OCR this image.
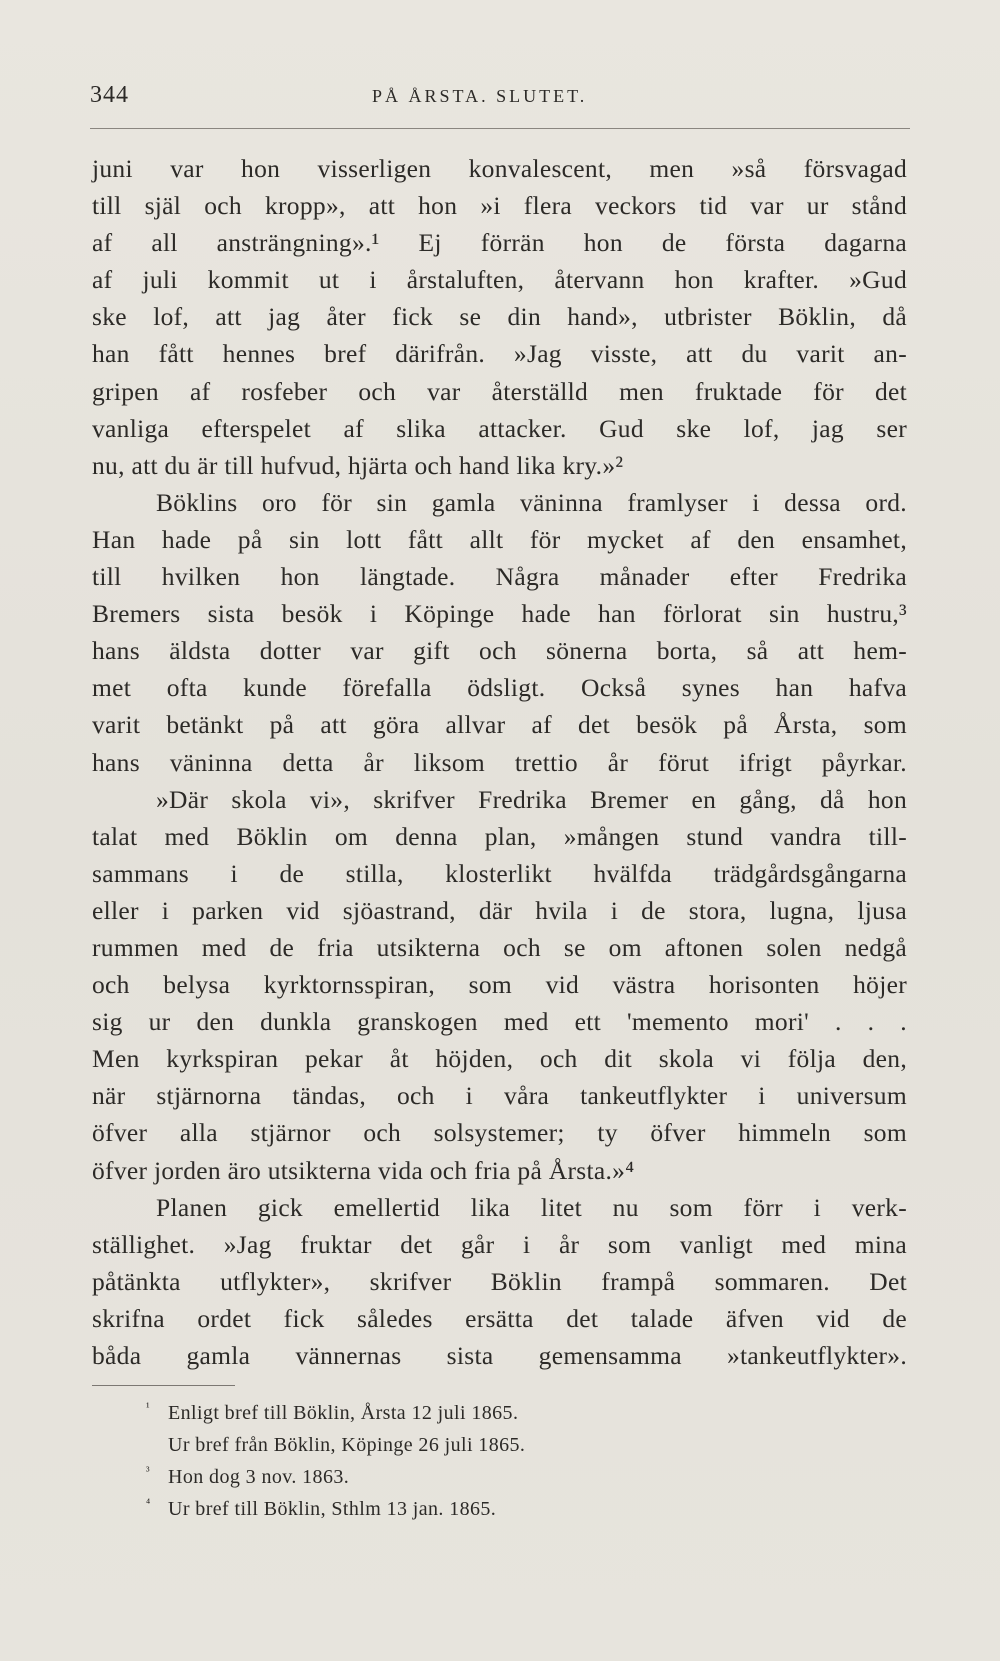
344	PÅ ÅRSTA. SLUTET.
juni var hon visserligen konvalescent, men »så försvagad
till själ och kropp», att hon »i flera veckors tid var ur stånd
af all ansträngning».¹ Ej förrän hon de första dagarna
af juli kommit ut i årstaluften, återvann hon krafter. »Gud
ske lof, att jag åter fick se din hand», utbrister Böklin, då
han fått hennes bref därifrån. »Jag visste, att du varit an-
gripen af rosfeber och var återställd men fruktade för det
vanliga efterspelet af slika attacker. Gud ske lof, jag ser
nu, att du är till hufvud, hjärta och hand lika kry.»²
Böklins oro för sin gamla väninna framlyser i dessa ord.
Han hade på sin lott fått allt för mycket af den ensamhet,
till hvilken hon längtade. Några månader efter Fredrika
Bremers sista besök i Köpinge hade han förlorat sin hustru,³
hans äldsta dotter var gift och sönerna borta, så att hem-
met ofta kunde förefalla ödsligt. Också synes han hafva
varit betänkt på att göra allvar af det besök på Årsta, som
hans väninna detta år liksom trettio år förut ifrigt påyrkar.
»Där skola vi», skrifver Fredrika Bremer en gång, då hon
talat med Böklin om denna plan, »mången stund vandra till-
sammans i de stilla, klosterlikt hvälfda trädgårdsgångarna
eller i parken vid sjöastrand, där hvila i de stora, lugna, ljusa
rummen med de fria utsikterna och se om aftonen solen nedgå
och belysa kyrktornsspiran, som vid västra horisonten höjer
sig ur den dunkla granskogen med ett 'memento mori' . . .
Men kyrkspiran pekar åt höjden, och dit skola vi följa den,
när stjärnorna tändas, och i våra tankeutflykter i universum
öfver alla stjärnor och solsystemer; ty öfver himmeln som
öfver jorden äro utsikterna vida och fria på Årsta.»⁴
Planen gick emellertid lika litet nu som förr i verk-
ställighet. »Jag fruktar det går i år som vanligt med mina
påtänkta utflykter», skrifver Böklin frampå sommaren. Det
skrifna ordet fick således ersätta det talade äfven vid de
båda gamla vännernas sista gemensamma »tankeutflykter».
¹ Enligt bref till Böklin, Årsta 12 juli 1865.
Ur bref från Böklin, Köpinge 26 juli 1865.
³ Hon dog 3 nov. 1863.
⁴ Ur bref till Böklin, Sthlm 13 jan. 1865.
